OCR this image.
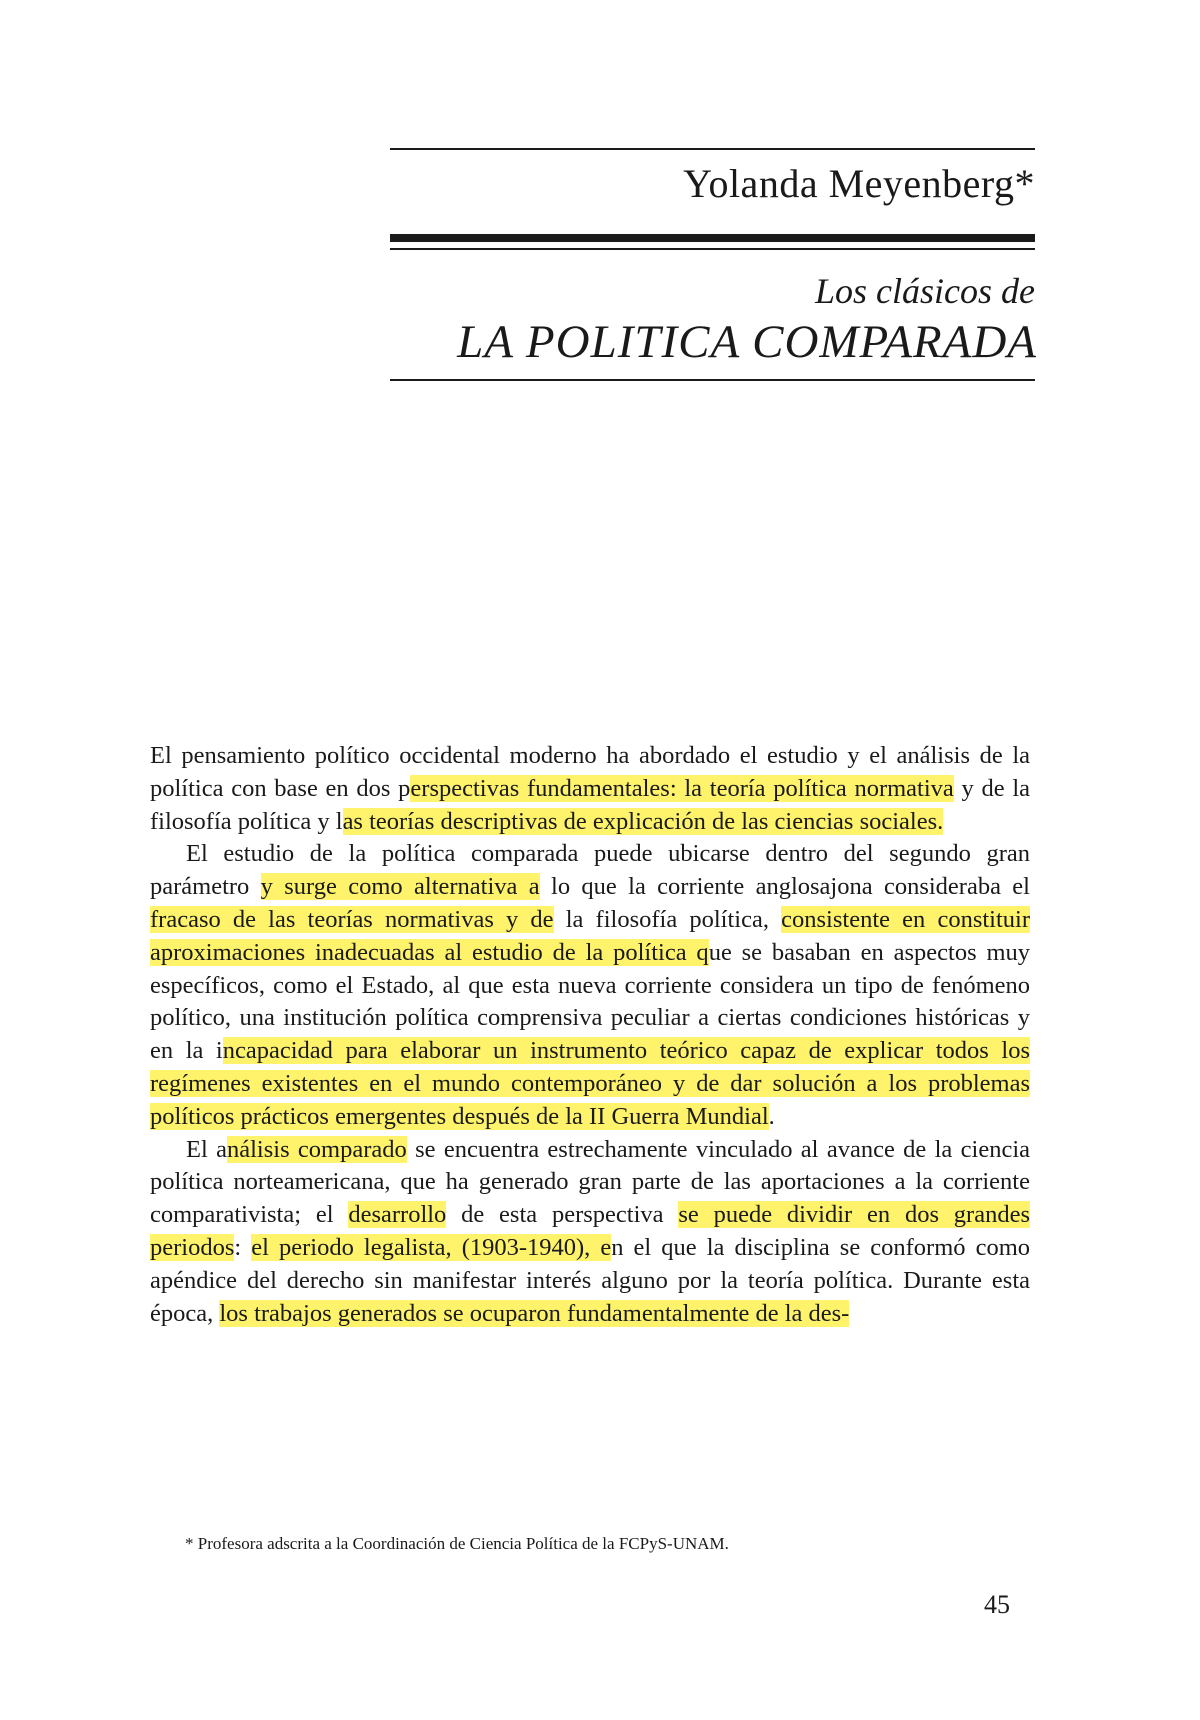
Yolanda Meyenberg*
Los clásicos de
LA POLITICA COMPARADA

El pensamiento político occidental moderno ha abordado el estudio y el análisis de la política con base en dos perspectivas fundamentales: la teoría política normativa y de la filosofía política y las teorías descriptivas de explicación de las ciencias sociales.

El estudio de la política comparada puede ubicarse dentro del segundo gran parámetro y surge como alternativa a lo que la corriente anglosajona consideraba el fracaso de las teorías normativas y de la filosofía política, consistente en constituir aproximaciones inadecuadas al estudio de la política que se basaban en aspectos muy específicos, como el Estado, al que esta nueva corriente considera un tipo de fenómeno político, una institución política comprensiva peculiar a ciertas condiciones históricas y en la incapacidad para elaborar un instrumento teórico capaz de explicar todos los regímenes existentes en el mundo contemporáneo y de dar solución a los problemas políticos prácticos emergentes después de la II Guerra Mundial.

El análisis comparado se encuentra estrechamente vinculado al avance de la ciencia política norteamericana, que ha generado gran parte de las aportaciones a la corriente comparativista; el desarrollo de esta perspectiva se puede dividir en dos grandes periodos: el periodo legalista, (1903-1940), en el que la disciplina se conformó como apéndice del derecho sin manifestar interés alguno por la teoría política. Durante esta época, los trabajos generados se ocuparon fundamentalmente de la des-

* Profesora adscrita a la Coordinación de Ciencia Política de la FCPyS-UNAM.
45
